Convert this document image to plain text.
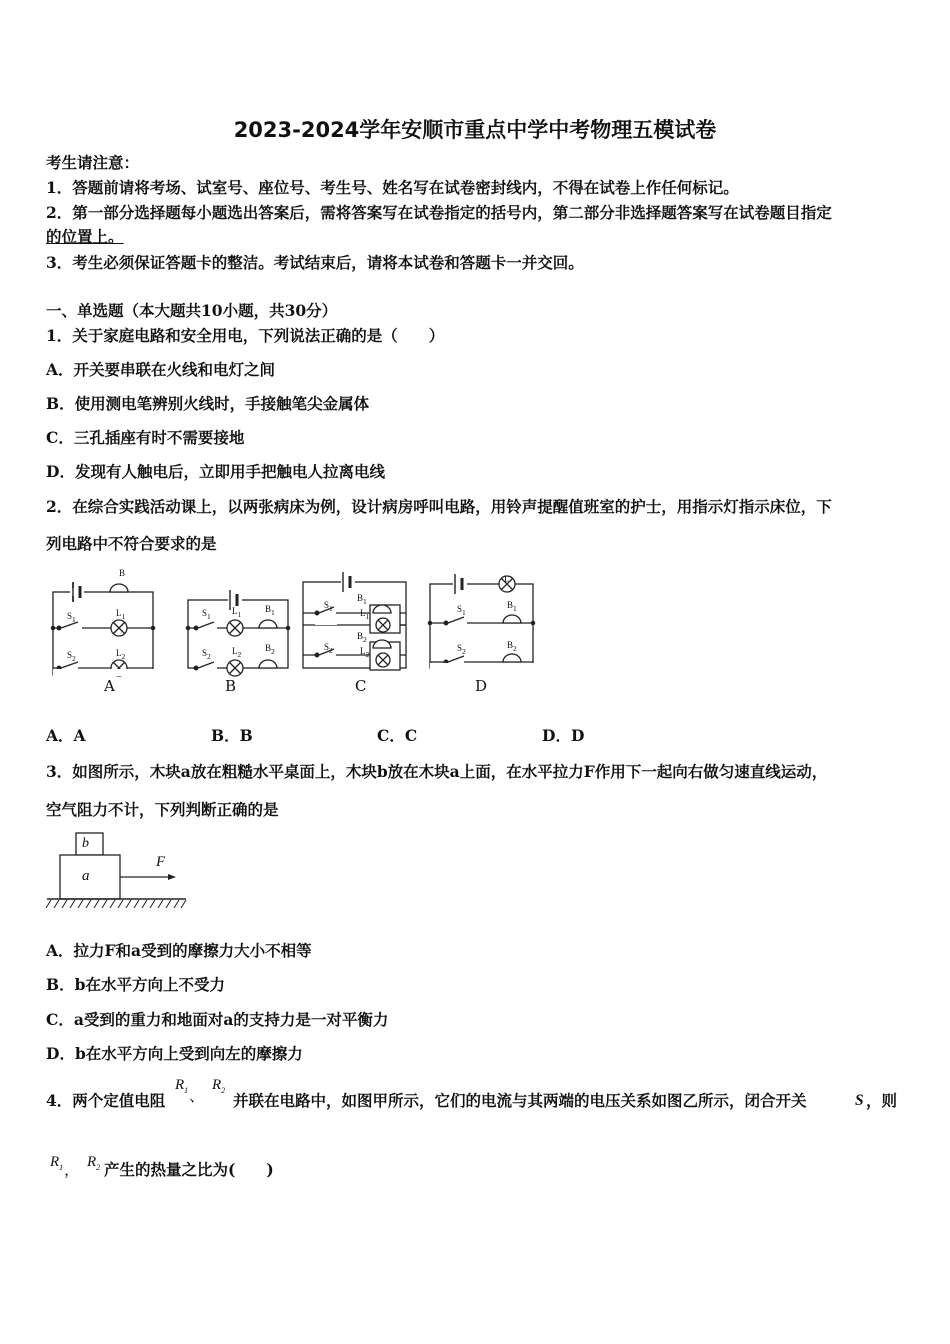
2023-2024学年安顺市重点中学中考物理五模试卷
考生请注意：
1．答题前请将考场、试室号、座位号、考生号、姓名写在试卷密封线内，不得在试卷上作任何标记。
2．第一部分选择题每小题选出答案后，需将答案写在试卷指定的括号内，第二部分非选择题答案写在试卷题目指定
的位置上。
3．考生必须保证答题卡的整洁。考试结束后，请将本试卷和答题卡一并交回。
一、单选题（本大题共10小题，共30分）
1．关于家庭电路和安全用电，下列说法正确的是（　　）
A．开关要串联在火线和电灯之间
B．使用测电笔辨别火线时，手接触笔尖金属体
C．三孔插座有时不需要接地
D．发现有人触电后，立即用手把触电人拉离电线
2．在综合实践活动课上，以两张病床为例，设计病房呼叫电路，用铃声提醒值班室的护士，用指示灯指示床位，下
列电路中不符合要求的是
A	B	C	D
B
$S_1$
$L_1$
$S_2$
$L_2$
$S_1$
$L_1$
$B_1$
$S_2$
$L_2$
$B_2$
$S_1$
$B_1$
$L_1$
$S_2$
$B_2$
$L_2$
L
$S_1$
$B_1$
$S_2$
$B_2$
A．A	B．B	C．C	D．D
3．如图所示，木块a放在粗糙水平桌面上，木块b放在木块a上面，在水平拉力F作用下一起向右做匀速直线运动，
空气阻力不计，下列判断正确的是
b
a
F
A．拉力F和a受到的摩擦力大小不相等
B．b在水平方向上不受力
C．a受到的重力和地面对a的支持力是一对平衡力
D．b在水平方向上受到向左的摩擦力
4．两个定值电阻
$R_1$ 、
$R_2$
并联在电路中，如图甲所示，它们的电流与其两端的电压关系如图乙所示，闭合开关	S ，则
$R_1$ ， $R_2$ 产生的热量之比为(　　)
